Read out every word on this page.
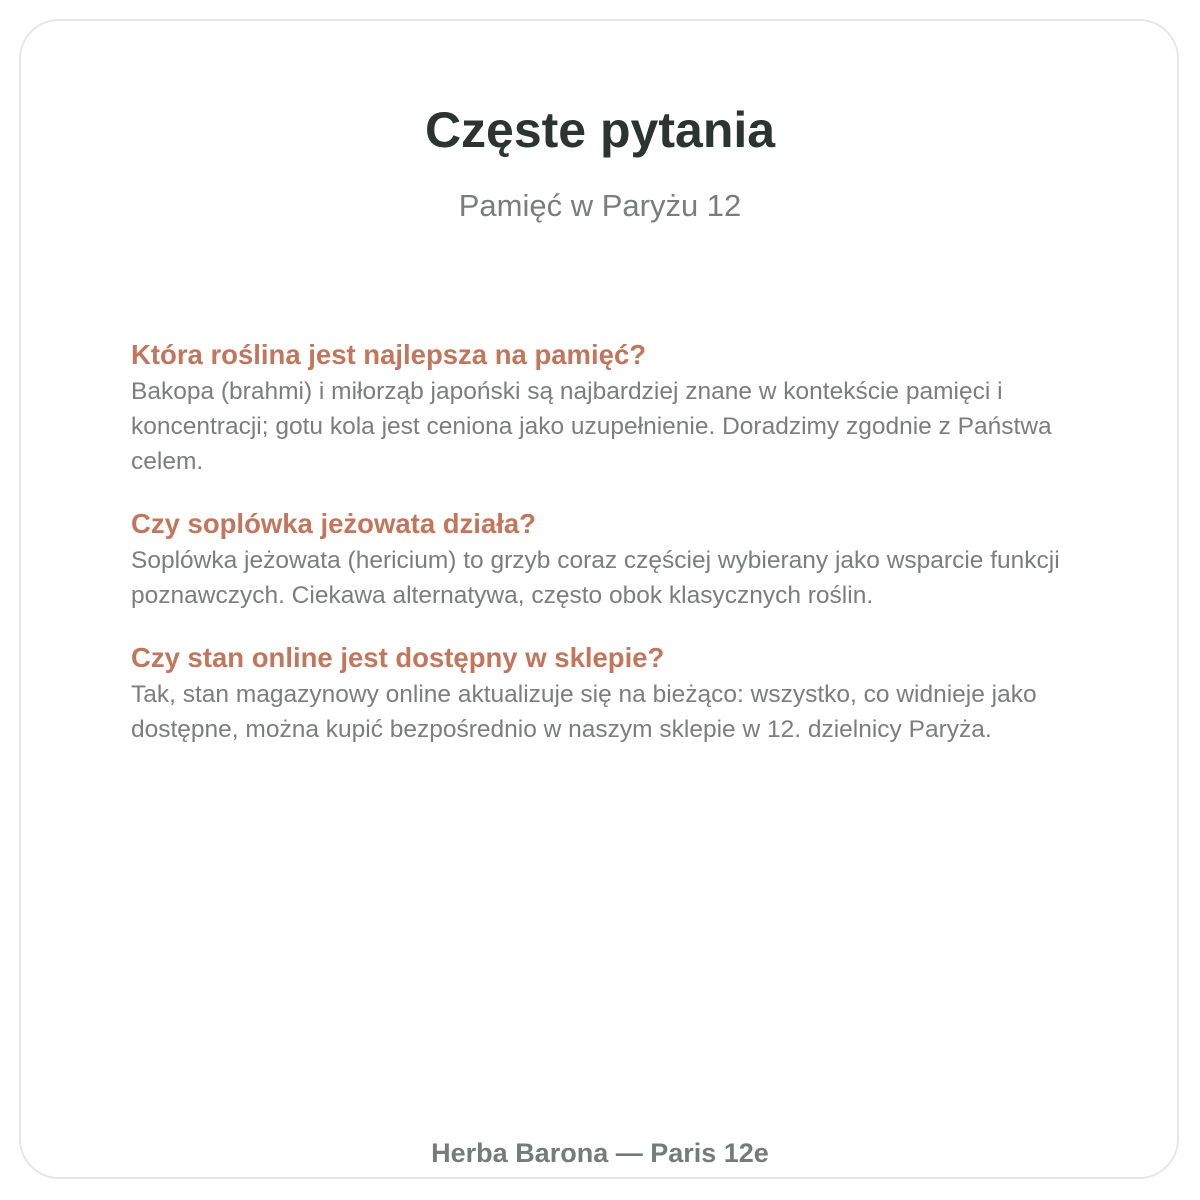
Częste pytania

Pamięć w Paryżu 12

Która roślina jest najlepsza na pamięć?

Bakopa (brahmi) i miłorząb japoński są najbardziej znane w kontekście pamięci i koncentracji; gotu kola jest ceniona jako uzupełnienie. Doradzimy zgodnie z Państwa celem.

Czy soplówka jeżowata działa?

Soplówka jeżowata (hericium) to grzyb coraz częściej wybierany jako wsparcie funkcji poznawczych. Ciekawa alternatywa, często obok klasycznych roślin.

Czy stan online jest dostępny w sklepie?

Tak, stan magazynowy online aktualizuje się na bieżąco: wszystko, co widnieje jako dostępne, można kupić bezpośrednio w naszym sklepie w 12. dzielnicy Paryża.

Herba Barona — Paris 12e
